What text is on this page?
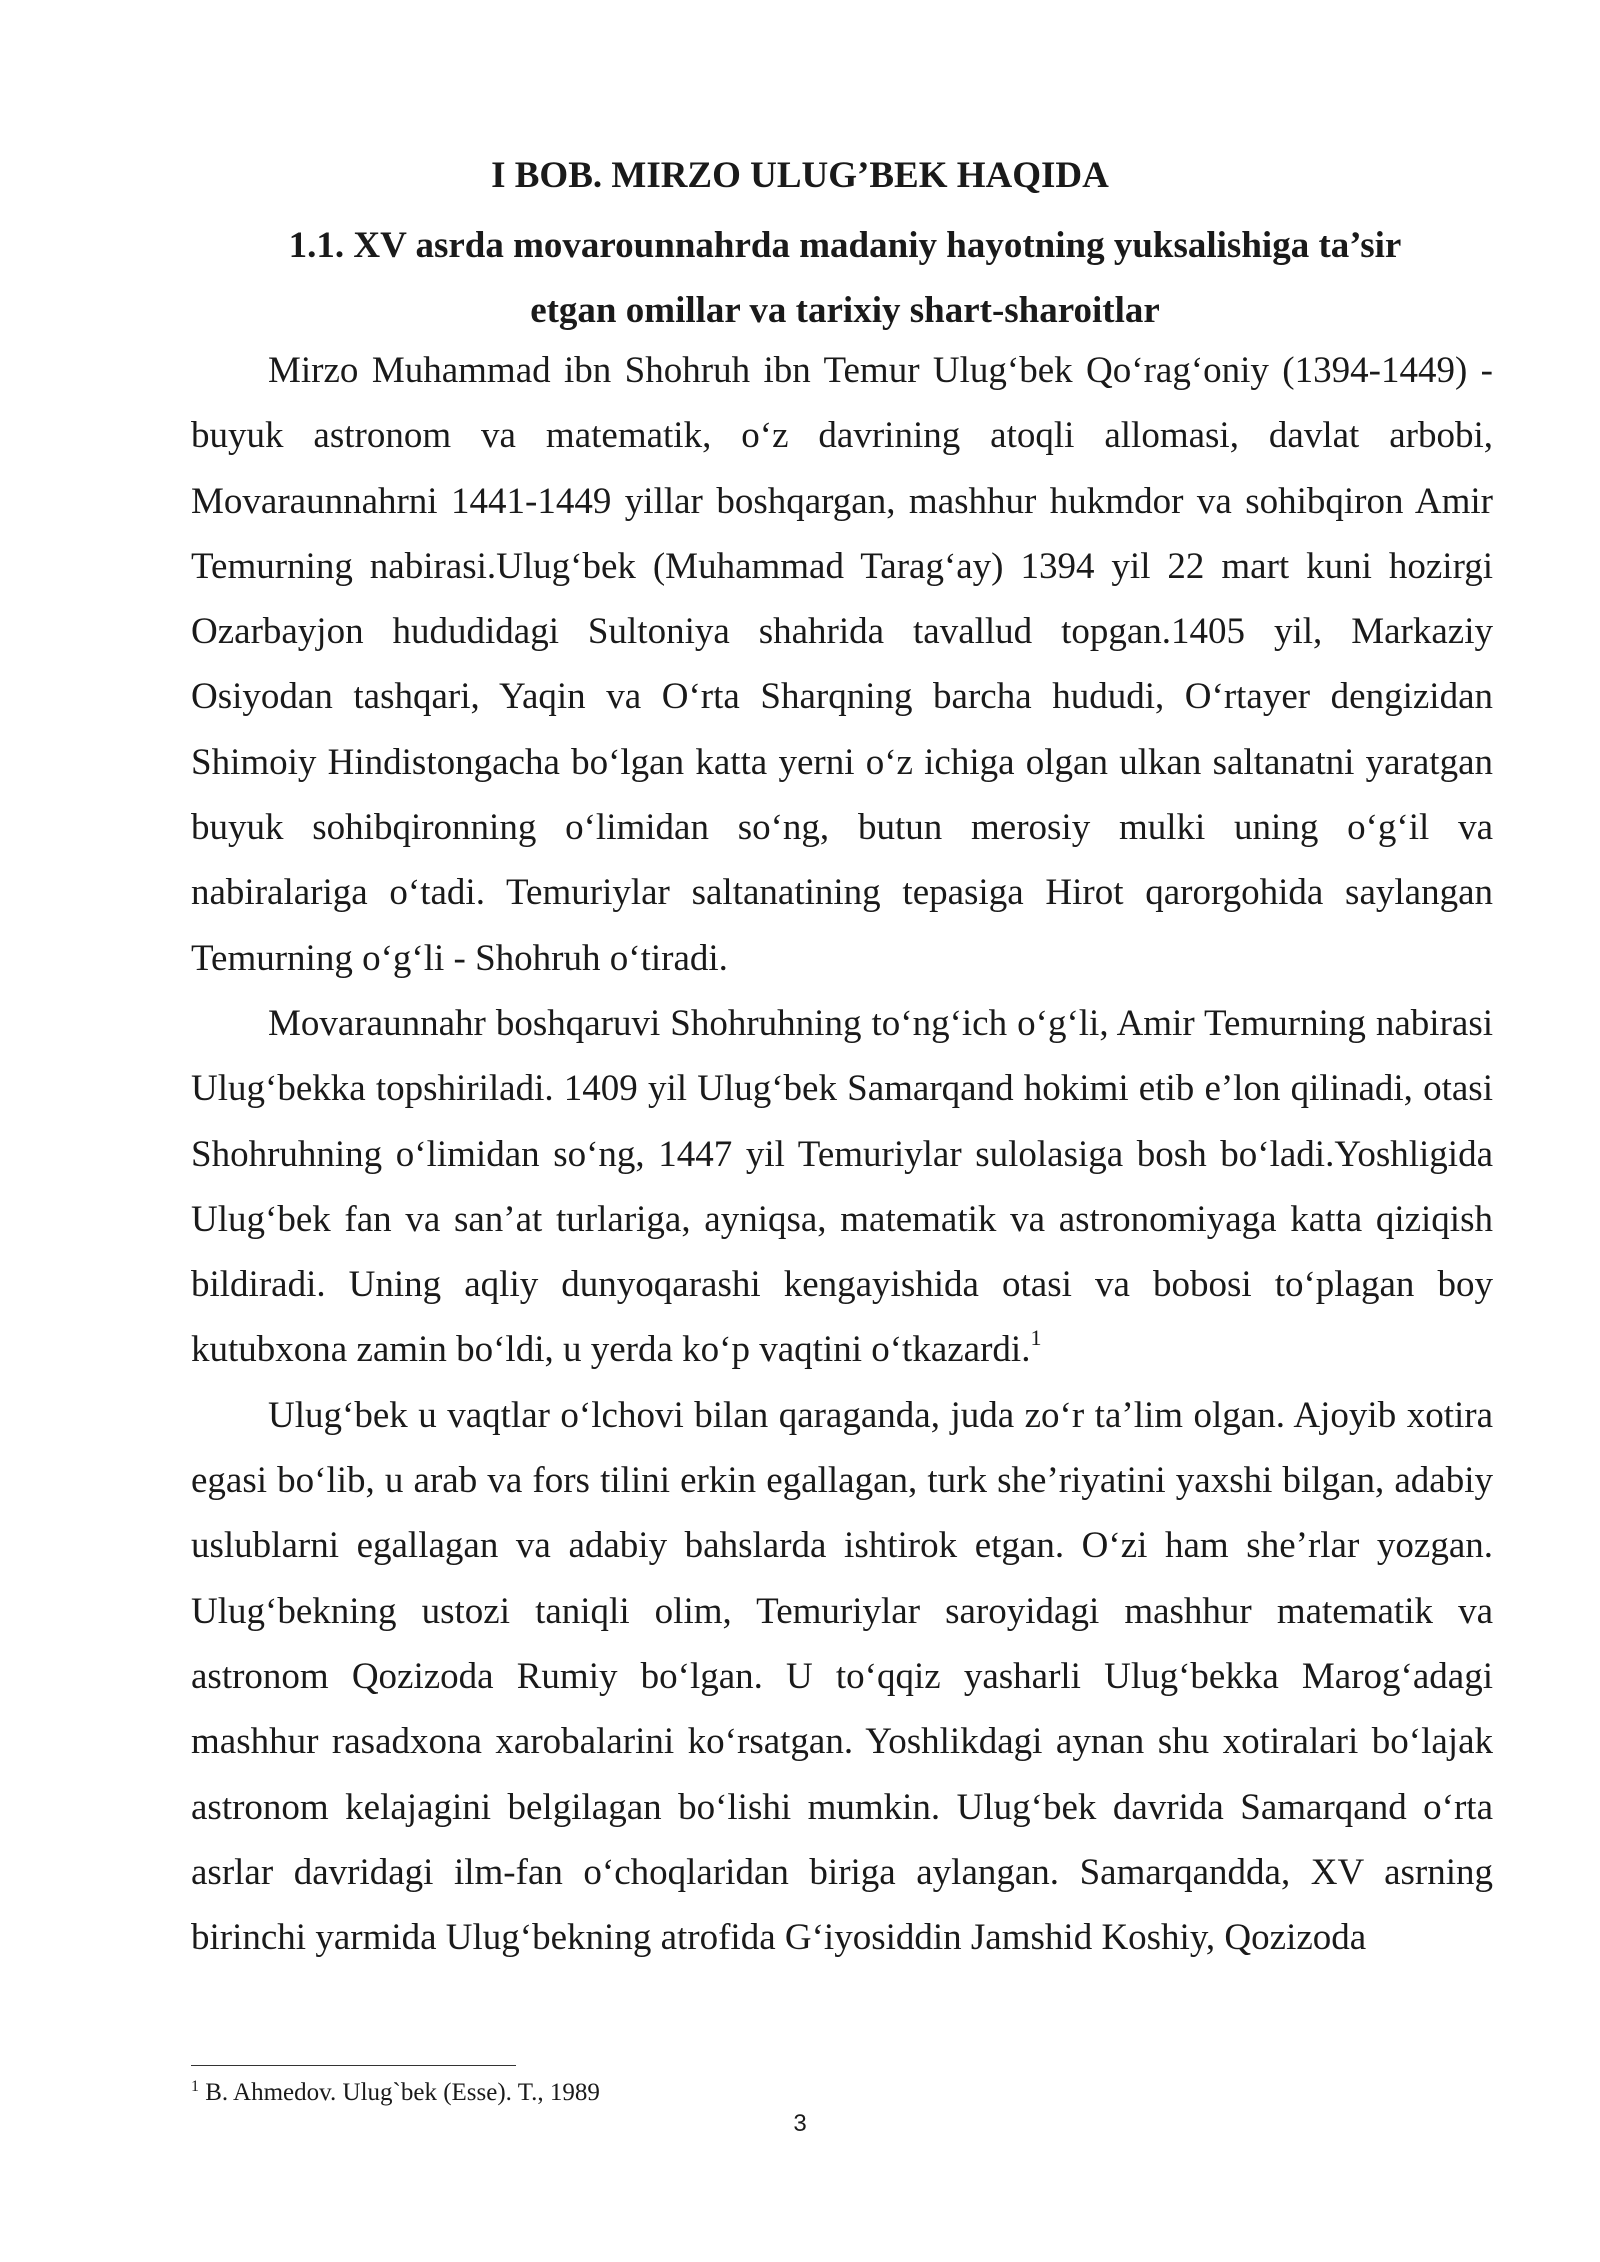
I BOB. MIRZO ULUG’BEK HAQIDA
1.1. XV asrda movarounnahrda madaniy hayotning yuksalishiga ta’sir
etgan omillar va tarixiy shart-sharoitlar

Mirzo Muhammad ibn Shohruh ibn Temur Ulug‘bek Qo‘rag‘oniy (1394-1449) - buyuk astronom va matematik, o‘z davrining atoqli allomasi, davlat arbobi, Movaraunnahrni 1441-1449 yillar boshqargan, mashhur hukmdor va sohibqiron Amir Temurning nabirasi.Ulug‘bek (Muhammad Tarag‘ay) 1394 yil 22 mart kuni hozirgi Ozarbayjon hududidagi Sultoniya shahrida tavallud topgan.1405 yil, Markaziy Osiyodan tashqari, Yaqin va O‘rta Sharqning barcha hududi, O‘rtayer dengizidan Shimoiy Hindistongacha bo‘lgan katta yerni o‘z ichiga olgan ulkan saltanatni yaratgan buyuk sohibqironning o‘limidan so‘ng, butun merosiy mulki uning o‘g‘il va nabiralariga o‘tadi. Temuriylar saltanatining tepasiga Hirot qarorgohida saylangan Temurning o‘g‘li - Shohruh o‘tiradi.

Movaraunnahr boshqaruvi Shohruhning to‘ng‘ich o‘g‘li, Amir Temurning nabirasi Ulug‘bekka topshiriladi. 1409 yil Ulug‘bek Samarqand hokimi etib e’lon qilinadi, otasi Shohruhning o‘limidan so‘ng, 1447 yil Temuriylar sulolasiga bosh bo‘ladi.Yoshligida Ulug‘bek fan va san’at turlariga, ayniqsa, matematik va astronomiyaga katta qiziqish bildiradi. Uning aqliy dunyoqarashi kengayishida otasi va bobosi to‘plagan boy kutubxona zamin bo‘ldi, u yerda ko‘p vaqtini o‘tkazardi.$^1$

Ulug‘bek u vaqtlar o‘lchovi bilan qaraganda, juda zo‘r ta’lim olgan. Ajoyib xotira egasi bo‘lib, u arab va fors tilini erkin egallagan, turk she’riyatini yaxshi bilgan, adabiy uslublarni egallagan va adabiy bahslarda ishtirok etgan. O‘zi ham she’rlar yozgan. Ulug‘bekning ustozi taniqli olim, Temuriylar saroyidagi mashhur matematik va astronom Qozizoda Rumiy bo‘lgan. U to‘qqiz yasharli Ulug‘bekka Marog‘adagi mashhur rasadxona xarobalarini ko‘rsatgan. Yoshlikdagi aynan shu xotiralari bo‘lajak astronom kelajagini belgilagan bo‘lishi mumkin. Ulug‘bek davrida Samarqand o‘rta asrlar davridagi ilm-fan o‘choqlaridan biriga aylangan. Samarqandda, XV asrning birinchi yarmida Ulug‘bekning atrofida G‘iyosiddin Jamshid Koshiy, Qozizoda

$^1$ B. Ahmedov. Ulug`bek (Esse). T., 1989
3
